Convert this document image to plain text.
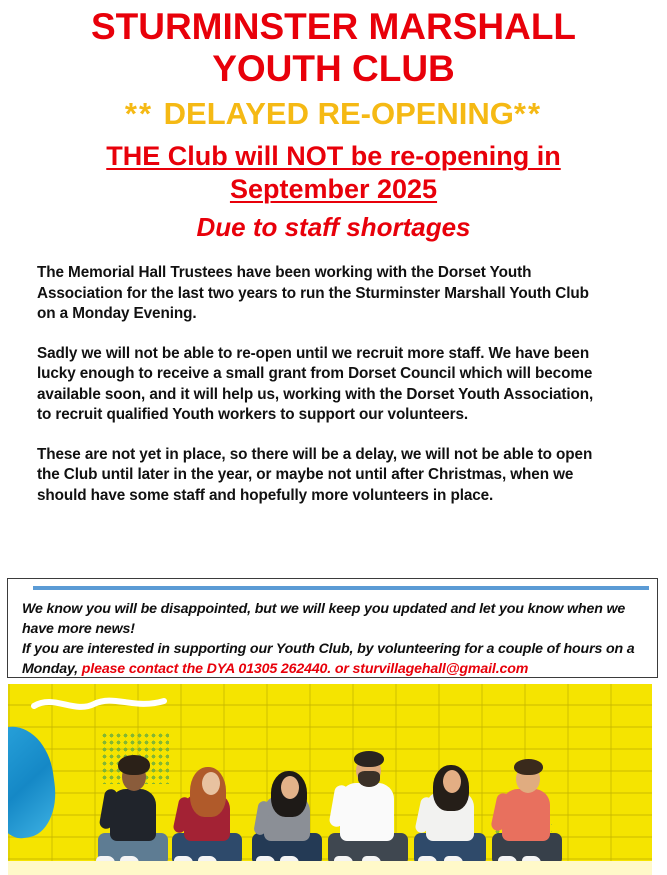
STURMINSTER MARSHALL
YOUTH CLUB
** DELAYED RE-OPENING**
THE Club will NOT be re-opening in
September 2025
Due to staff shortages

The Memorial Hall Trustees have been working with the Dorset Youth Association for the last two years to run the Sturminster Marshall Youth Club on a Monday Evening.

Sadly we will not be able to re-open until we recruit more staff. We have been lucky enough to receive a small grant from Dorset Council which will become available soon, and it will help us, working with the Dorset Youth Association, to recruit qualified Youth workers to support our volunteers.

These are not yet in place, so there will be a delay, we will not be able to open the Club until later in the year, or maybe not until after Christmas, when we should have some staff and hopefully more volunteers in place.

We know you will be disappointed, but we will keep you updated and let you know when we have more news!

If you are interested in supporting our Youth Club, by volunteering for a couple of hours on a Monday, please contact the DYA 01305 262440. or sturvillagehall@gmail.com
